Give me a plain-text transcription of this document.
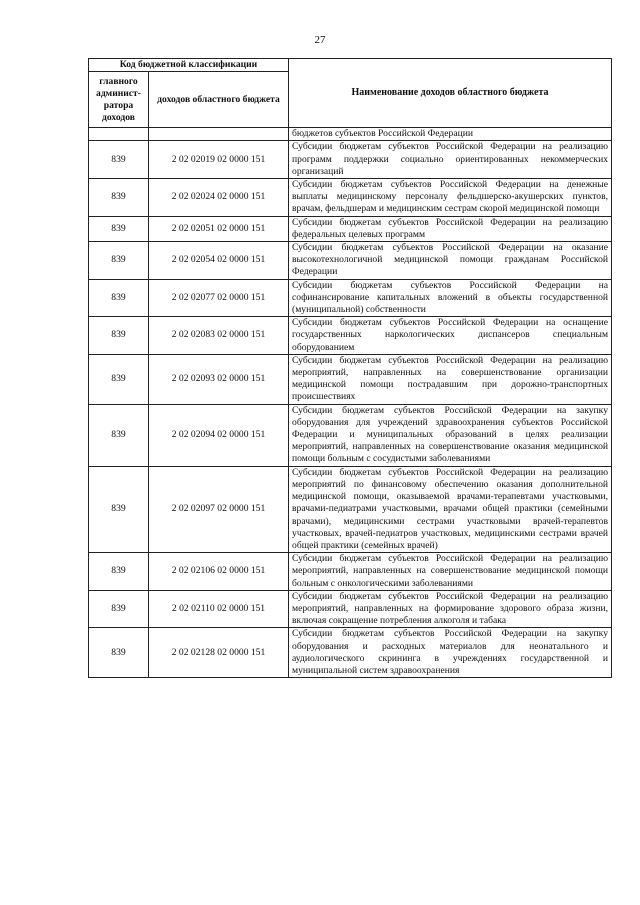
27
Код бюджетной классификации		Наименование доходов областного бюджета
главного админист-ратора доходов	доходов областного бюджета	
		бюджетов субъектов Российской Федерации
839	2 02 02019 02 0000 151	Субсидии бюджетам субъектов Российской Федерации на реализацию программ поддержки социально ориентированных некоммерческих организаций
839	2 02 02024 02 0000 151	Субсидии бюджетам субъектов Российской Федерации на денежные выплаты медицинскому персоналу фельдшерско-акушерских пунктов, врачам, фельдшерам и медицинским сестрам скорой медицинской помощи
839	2 02 02051 02 0000 151	Субсидии бюджетам субъектов Российской Федерации на реализацию федеральных целевых программ
839	2 02 02054 02 0000 151	Субсидии бюджетам субъектов Российской Федерации на оказание высокотехнологичной медицинской помощи гражданам Российской Федерации
839	2 02 02077 02 0000 151	Субсидии бюджетам субъектов Российской Федерации на софинансирование капитальных вложений в объекты государственной (муниципальной) собственности
839	2 02 02083 02 0000 151	Субсидии бюджетам субъектов Российской Федерации на оснащение государственных наркологических диспансеров специальным оборудованием
839	2 02 02093 02 0000 151	Субсидии бюджетам субъектов Российской Федерации на реализацию мероприятий, направленных на совершенствование организации медицинской помощи пострадавшим при дорожно-транспортных происшествиях
839	2 02 02094 02 0000 151	Субсидии бюджетам субъектов Российской Федерации на закупку оборудования для учреждений здравоохранения субъектов Российской Федерации и муниципальных образований в целях реализации мероприятий, направленных на совершенствование оказания медицинской помощи больным с сосудистыми заболеваниями
839	2 02 02097 02 0000 151	Субсидии бюджетам субъектов Российской Федерации на реализацию мероприятий по финансовому обеспечению оказания дополнительной медицинской помощи, оказываемой врачами-терапевтами участковыми, врачами-педиатрами участковыми, врачами общей практики (семейными врачами), медицинскими сестрами участковыми врачей-терапевтов участковых, врачей-педиатров участковых, медицинскими сестрами врачей общей практики (семейных врачей)
839	2 02 02106 02 0000 151	Субсидии бюджетам субъектов Российской Федерации на реализацию мероприятий, направленных на совершенствование медицинской помощи больным с онкологическими заболеваниями
839	2 02 02110 02 0000 151	Субсидии бюджетам субъектов Российской Федерации на реализацию мероприятий, направленных на формирование здорового образа жизни, включая сокращение потребления алкоголя и табака
839	2 02 02128 02 0000 151	Субсидии бюджетам субъектов Российской Федерации на закупку оборудования и расходных материалов для неонатального и аудиологического скрининга в учреждениях государственной и муниципальной систем здравоохранения
